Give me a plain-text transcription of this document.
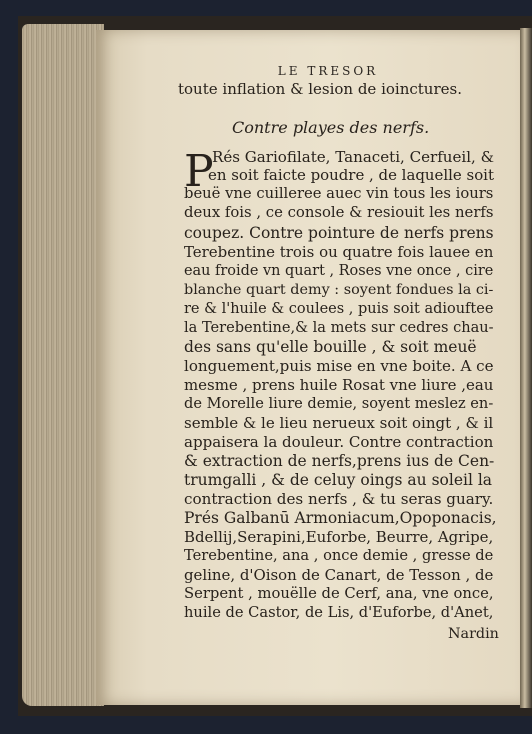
LE TRESOR
toute inflation & lesion de ioinctures.
Contre playes des nerfs.
P
Rés Gariofilate, Tanaceti, Cerfueil, &
en soit faicte poudre , de laquelle soit
beuë vne cuilleree auec vin tous les iours
deux fois , ce console & resiouit les nerfs
coupez. Contre pointure de nerfs prens
Terebentine trois ou quatre fois lauee en
eau froide vn quart , Roses vne once , cire
blanche quart demy : soyent fondues la ci-
re & l'huile & coulees , puis soit adiouftee
la Terebentine,& la mets sur cedres chau-
des sans qu'elle bouille , & soit meuë
longuement,puis mise en vne boite. A ce
mesme , prens huile Rosat vne liure ,eau
de Morelle liure demie, soyent meslez en-
semble & le lieu nerueux soit oingt , & il
appaisera la douleur. Contre contraction
& extraction de nerfs,prens ius de Cen-
trumgalli , & de celuy oings au soleil la
contraction des nerfs , & tu seras guary.
Prés Galbanū Armoniacum,Opoponacis,
Bdellij,Serapini,Euforbe, Beurre, Agripe,
Terebentine, ana , once demie , gresse de
geline, d'Oison de Canart, de Tesson , de
Serpent , mouëlle de Cerf, ana, vne once,
huile de Castor, de Lis, d'Euforbe, d'Anet,
Nardin
